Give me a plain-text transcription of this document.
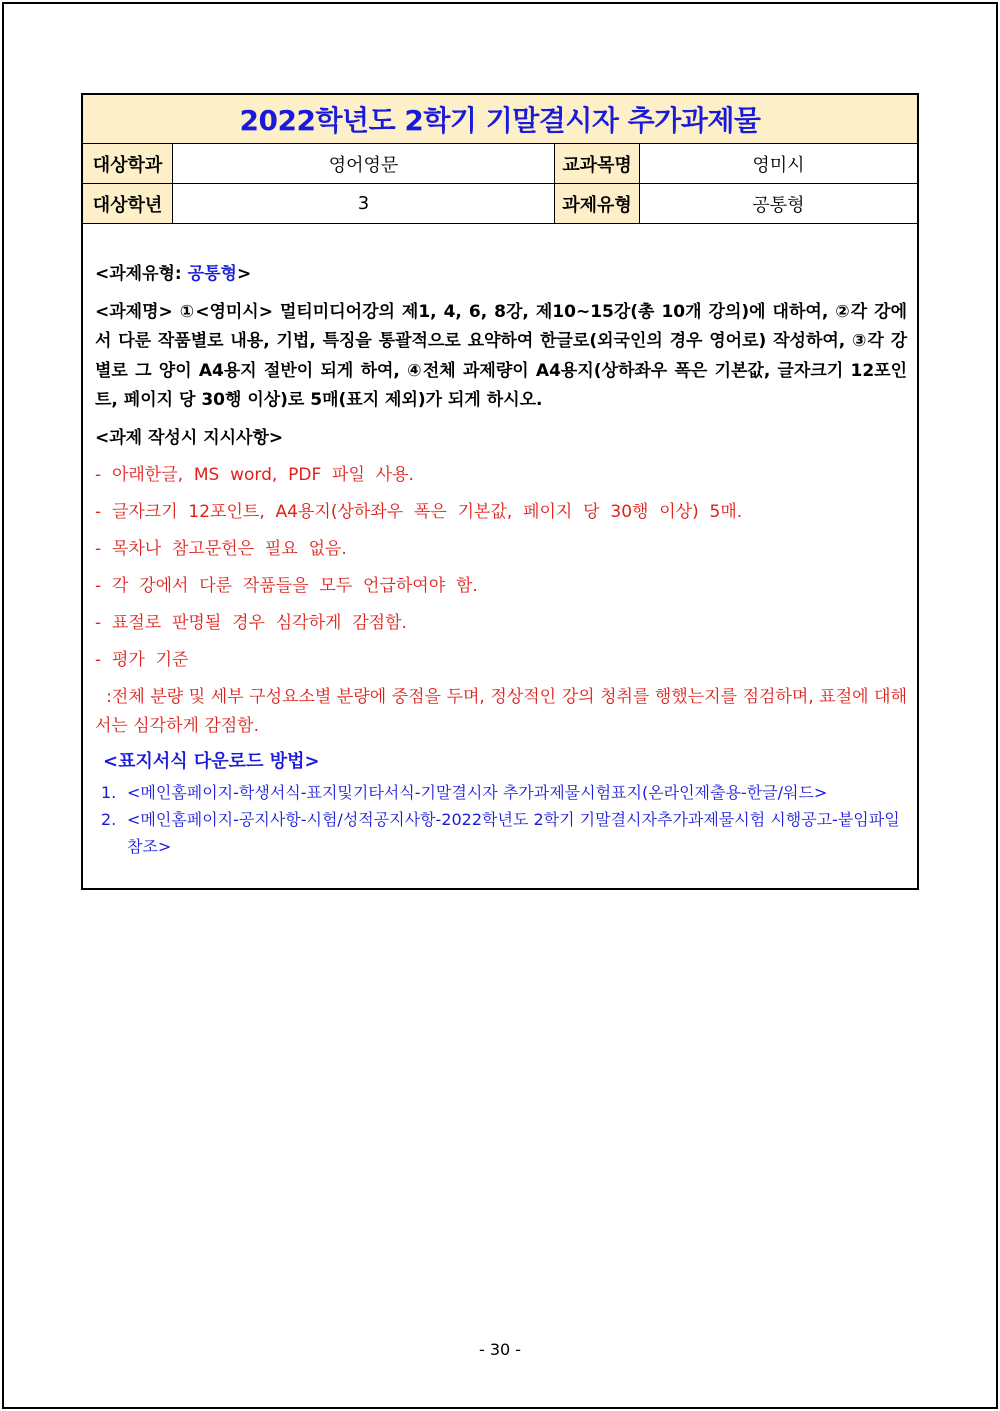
2022학년도 2학기 기말결시자 추가과제물
대상학과	영어영문	교과목명	영미시
대상학년	3	과제유형	공통형

<과제유형: 공통형>

<과제명> ①<영미시> 멀티미디어강의 제1, 4, 6, 8강, 제10~15강(총 10개 강의)에 대하여, ②각 강에서 다룬 작품별로 내용, 기법, 특징을 통괄적으로 요약하여 한글로(외국인의 경우 영어로) 작성하여, ③각 강별로 그 양이 A4용지 절반이 되게 하여, ④전체 과제량이 A4용지(상하좌우 폭은 기본값, 글자크기 12포인트, 페이지 당 30행 이상)로 5매(표지 제외)가 되게 하시오.

<과제 작성시 지시사항>

-  아래한글,  MS  word,  PDF  파일  사용.

-  글자크기  12포인트,  A4용지(상하좌우  폭은  기본값,  페이지  당  30행  이상)  5매.

-  목차나  참고문헌은  필요  없음.

-  각  강에서  다룬  작품들을  모두  언급하여야  함.

-  표절로  판명될  경우  심각하게  감점함.

-  평가  기준

:전체 분량 및 세부 구성요소별 분량에 중점을 두며, 정상적인 강의 청취를 행했는지를 점검하며, 표절에 대해서는 심각하게 감점함.

<표지서식 다운로드 방법>

1. <메인홈페이지-학생서식-표지및기타서식-기말결시자 추가과제물시험표지(온라인제출용-한글/워드>
2. <메인홈페이지-공지사항-시험/성적공지사항-2022학년도 2학기 기말결시자추가과제물시험 시행공고-붙임파일 참조>
- 30 -
